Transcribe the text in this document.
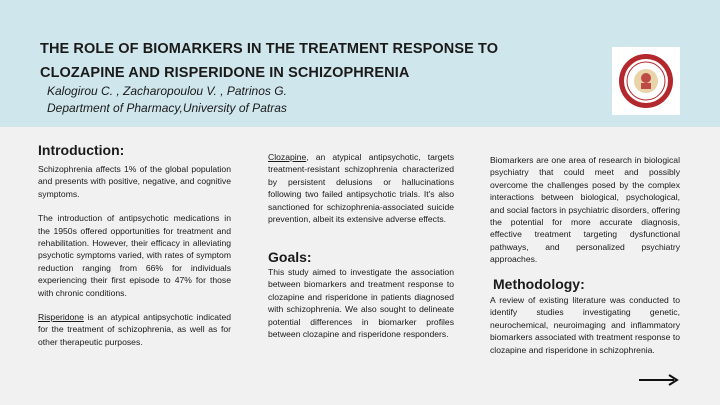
THE ROLE OF BIOMARKERS IN THE TREATMENT RESPONSE TO
CLOZAPINE AND RISPERIDONE IN SCHIZOPHRENIA
Kalogirou C. , Zacharopoulou V. , Patrinos G.
Department of Pharmacy,University of Patras
Introduction:

Schizophrenia affects 1% of the global population and presents with positive, negative, and cognitive symptoms.

The introduction of antipsychotic medications in the 1950s offered opportunities for treatment and rehabilitation. However, their efficacy in alleviating psychotic symptoms varied, with rates of symptom reduction ranging from 66% for individuals experiencing their first episode to 47% for those with chronic conditions.

Risperidone is an atypical antipsychotic indicated for the treatment of schizophrenia, as well as for other therapeutic purposes.

Clozapine, an atypical antipsychotic, targets treatment-resistant schizophrenia characterized by persistent delusions or hallucinations following two failed antipsychotic trials. It's also sanctioned for schizophrenia-associated suicide prevention, albeit its extensive adverse effects.

Goals:

This study aimed to investigate the association between biomarkers and treatment response to clozapine and risperidone in patients diagnosed with schizophrenia. We also sought to delineate potential differences in biomarker profiles between clozapine and risperidone responders.

Biomarkers are one area of research in biological psychiatry that could meet and possibly overcome the challenges posed by the complex interactions between biological, psychological, and social factors in psychiatric disorders, offering the potential for more accurate diagnosis, effective treatment targeting dysfunctional pathways, and personalized psychiatry approaches.

Methodology:

A review of existing literature was conducted to identify studies investigating genetic, neurochemical, neuroimaging and inflammatory biomarkers associated with treatment response to clozapine and risperidone in schizophrenia.
